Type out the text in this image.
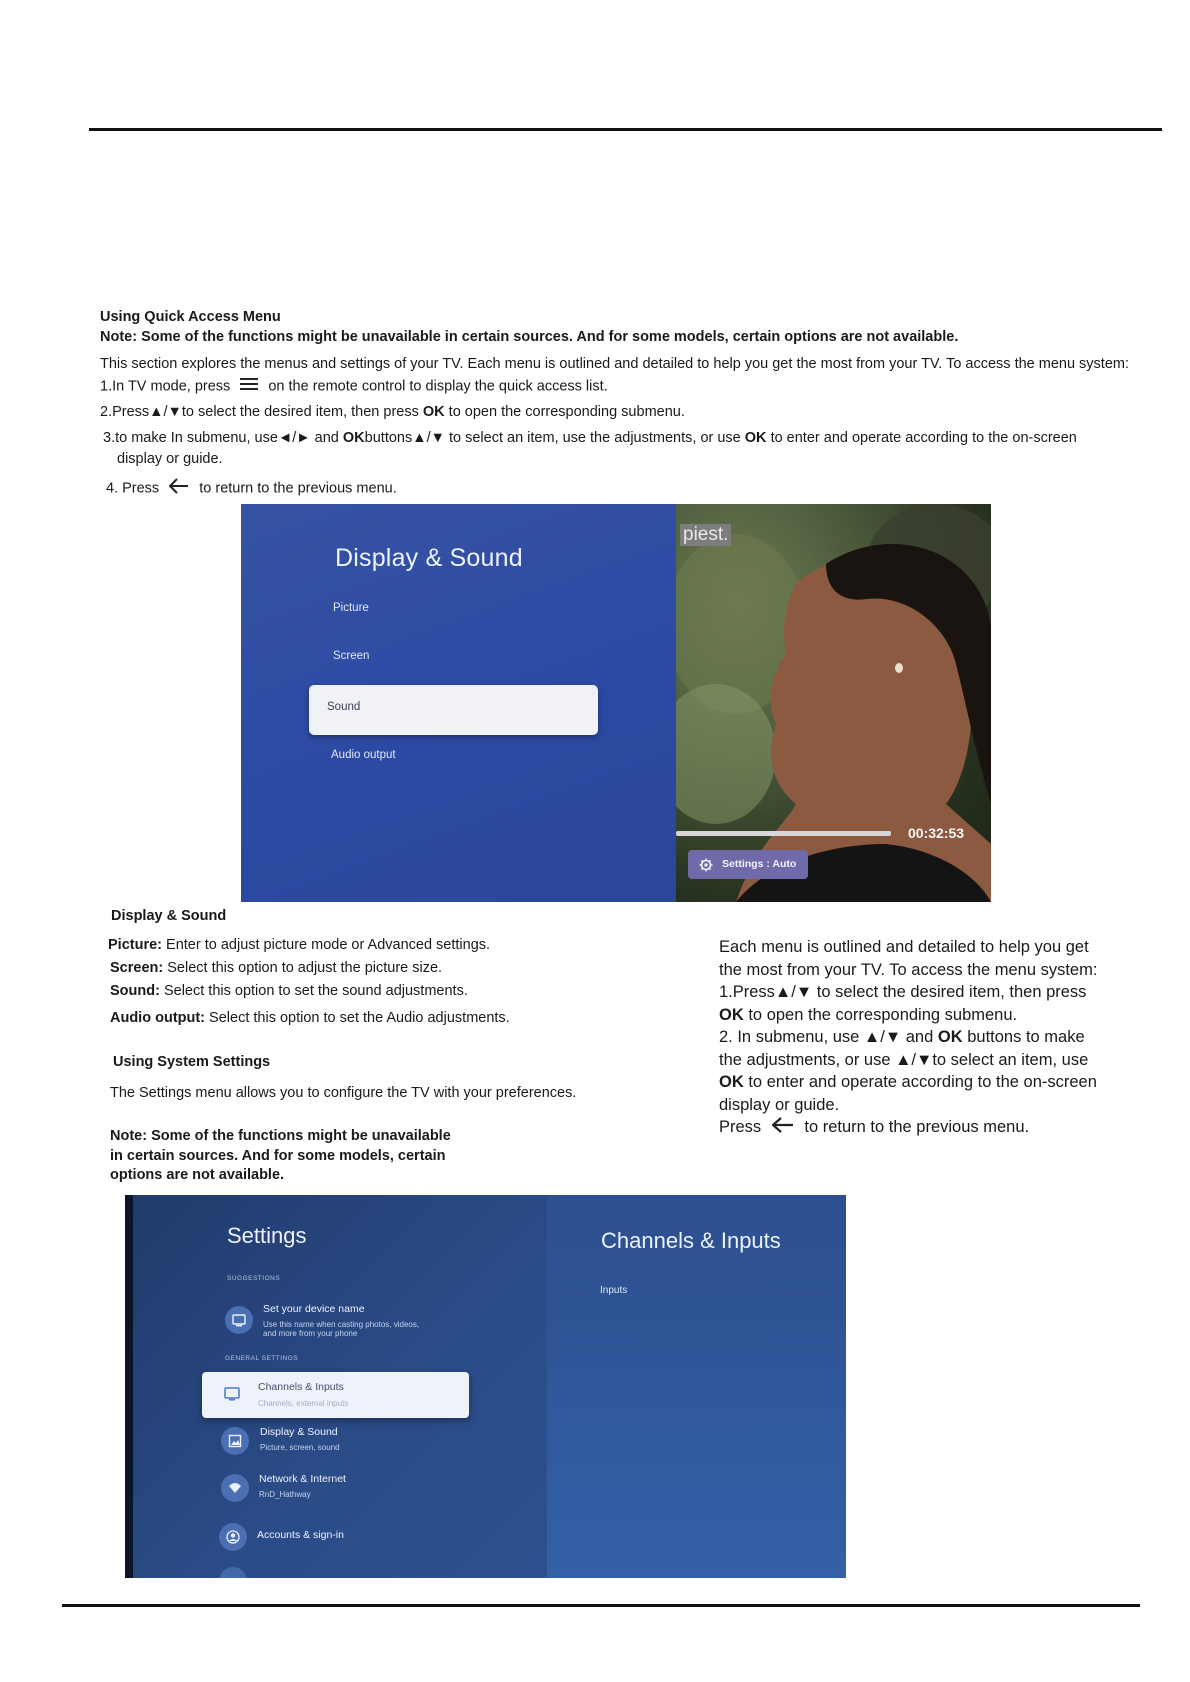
Using Quick Access Menu
Note: Some of the functions might be unavailable in certain sources. And for some models, certain options are not available.
This section explores the menus and settings of your TV. Each menu is outlined and detailed to help you get the most from your TV. To access the menu system:
1.In TV mode, press	on the remote control to display the quick access list.
2.Press▲/▼to select the desired item, then press OK to open the corresponding submenu.
3.to make In submenu, use◄/► and OKbuttons▲/▼ to select an item, use the adjustments, or use OK to enter and operate according to the on-screen
display or guide.
4. Press	to return to the previous menu.
Display & Sound
Picture
Screen
Sound
Audio output
piest.
00:32:53
Settings : Auto
Display & Sound
Picture: Enter to adjust picture mode or Advanced settings.
Screen: Select this option to adjust the picture size.
Sound: Select this option to set the sound adjustments.
Audio output: Select this option to set the Audio adjustments.
Using System Settings
The Settings menu allows you to configure the TV with your preferences.
Note: Some of the functions might be unavailable
in certain sources. And for some models, certain
options are not available.
Each menu is outlined and detailed to help you get
the most from your TV. To access the menu system:
1.Press▲/▼ to select the desired item, then press
OK to open the corresponding submenu.
2. In submenu, use ▲/▼ and OK buttons to make
the adjustments, or use ▲/▼to select an item, use
OK to enter and operate according to the on-screen
display or guide.
Press	to return to the previous menu.
Settings	Channels & Inputs
Inputs
SUGGESTIONS
Set your device name
Use this name when casting photos, videos,
and more from your phone
GENERAL SETTINGS
Channels & Inputs
Channels, external inputs
Display & Sound
Picture, screen, sound
Network & Internet
RnD_Hathway
Accounts & sign-in
